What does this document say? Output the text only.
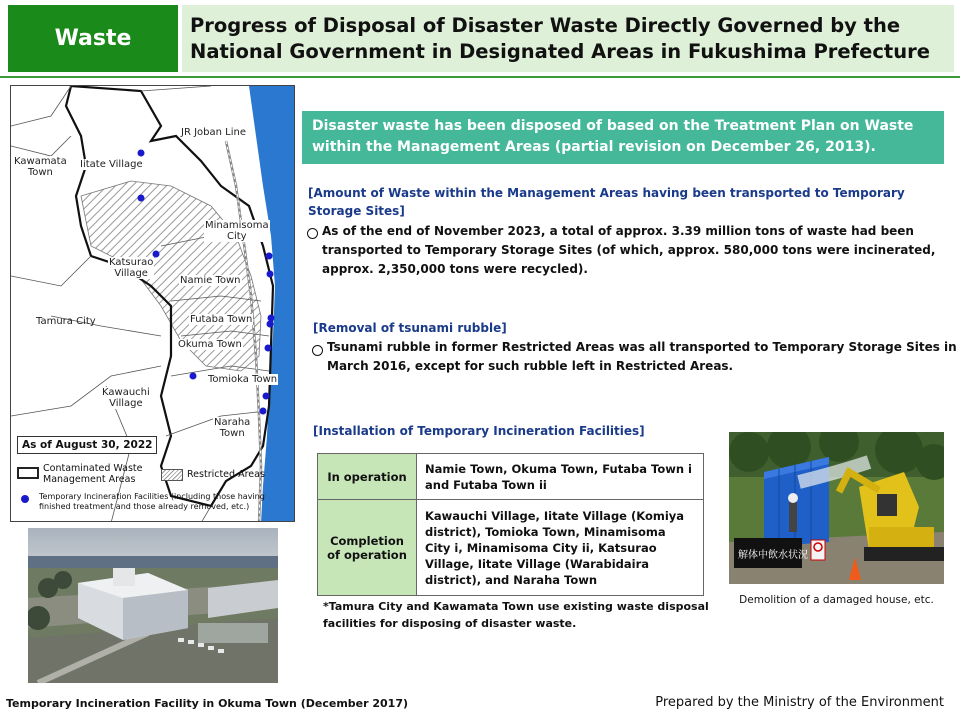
Waste
Progress of Disposal of Disaster Waste Directly Governed by the
National Government in Designated Areas in Fukushima Prefecture
JR Joban Line
Kawamata
Town
Iitate Village
Minamisoma
City
Katsurao
Village
Namie Town
Tamura City	Futaba Town
Okuma Town
Tomioka Town
Kawauchi
Village
Naraha
Town
As of August 30, 2022
Contaminated Waste
Management Areas	Restricted Areas
Temporary Incineration Facilities (including those having
finished treatment and those already removed, etc.)
Temporary Incineration Facility in Okuma Town (December 2017)	Prepared by the Ministry of the Environment
Disaster waste has been disposed of based on the Treatment Plan on Waste
within the Management Areas (partial revision on December 26, 2013).
[Amount of Waste within the Management Areas having been transported to Temporary
Storage Sites]
As of the end of November 2023, a total of approx. 3.39 million tons of waste had been
transported to Temporary Storage Sites (of which, approx. 580,000 tons were incinerated,
approx. 2,350,000 tons were recycled).
[Removal of tsunami rubble]
Tsunami rubble in former Restricted Areas was all transported to Temporary Storage Sites in
March 2016, except for such rubble left in Restricted Areas.
[Installation of Temporary Incineration Facilities]
In operation	Namie Town, Okuma Town, Futaba Town i and Futaba Town ii
Completion of operation	Kawauchi Village, Iitate Village (Komiya district), Tomioka Town, Minamisoma City i, Minamisoma City ii, Katsurao Village, Iitate Village (Warabidaira district), and Naraha Town
*Tamura City and Kawamata Town use existing waste disposal facilities for disposing of disaster waste.
解体中飲水状況
Demolition of a damaged house, etc.
